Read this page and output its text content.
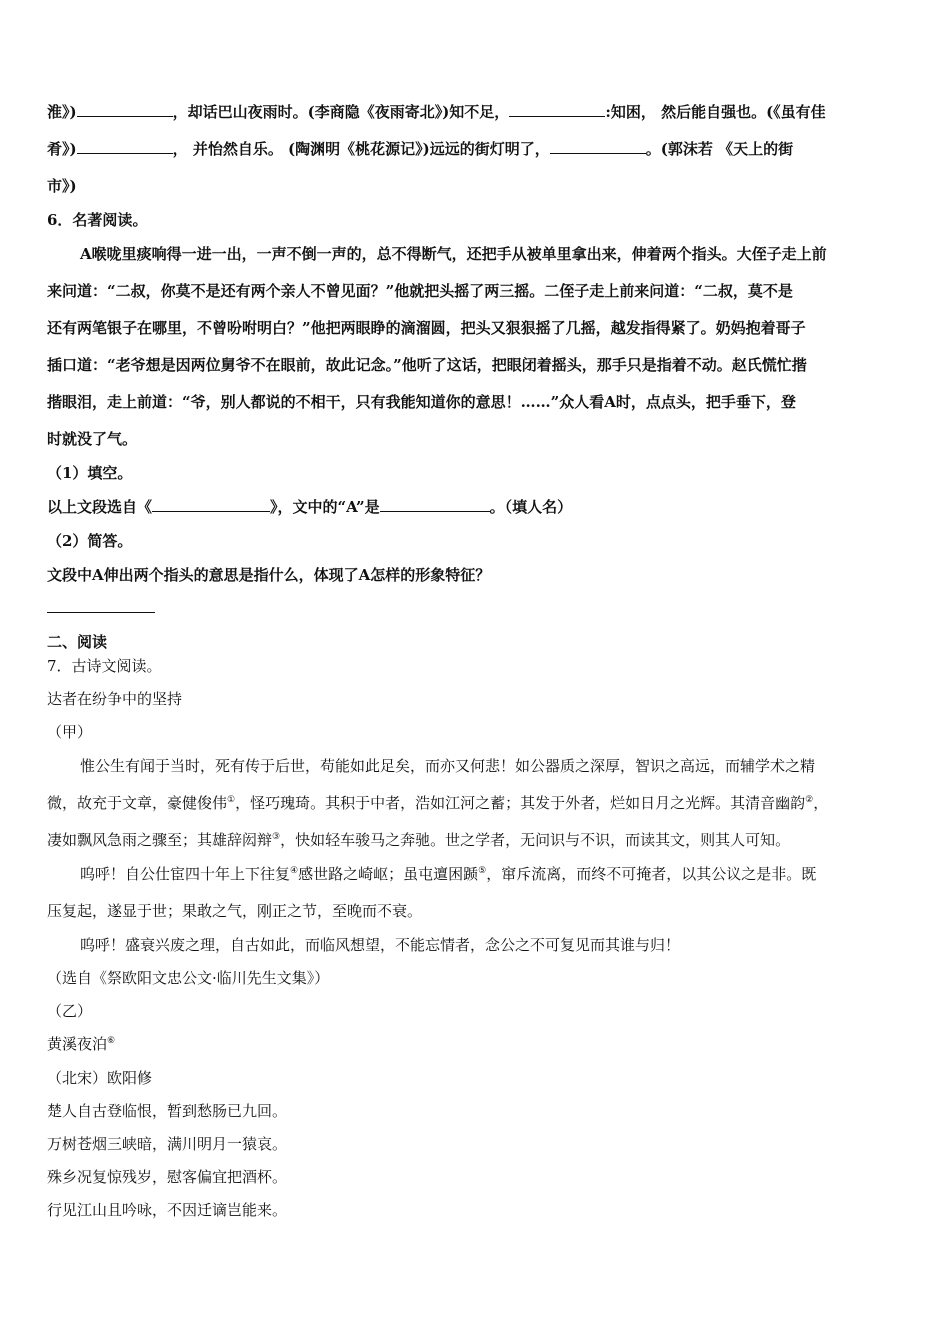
淮》)	，却话巴山夜雨时。(李商隐《夜雨寄北》)知不足，	:知困， 然后能自强也。(《虽有佳
肴》)	， 并怡然自乐。 (陶渊明《桃花源记》)远远的街灯明了，	。(郭沫若 《天上的街
市》)
6．名著阅读。
A喉咙里痰响得一进一出，一声不倒一声的，总不得断气，还把手从被单里拿出来，伸着两个指头。大侄子走上前
来问道：“二叔，你莫不是还有两个亲人不曾见面？”他就把头摇了两三摇。二侄子走上前来问道：“二叔，莫不是
还有两笔银子在哪里，不曾吩咐明白？”他把两眼睁的滴溜圆，把头又狠狠摇了几摇，越发指得紧了。奶妈抱着哥子
插口道：“老爷想是因两位舅爷不在眼前，故此记念。”他听了这话，把眼闭着摇头，那手只是指着不动。赵氏慌忙揩
揩眼泪，走上前道：“爷，别人都说的不相干，只有我能知道你的意思！……”众人看A时，点点头，把手垂下，登
时就没了气。
（1）填空。
以上文段选自《	》，文中的“A”是	。（填人名）
（2）简答。
文段中A伸出两个指头的意思是指什么，体现了A怎样的形象特征？
二、阅读
7．古诗文阅读。
达者在纷争中的坚持
（甲）
惟公生有闻于当时，死有传于后世，苟能如此足矣，而亦又何悲！如公器质之深厚，智识之高远，而辅学术之精
微，故充于文章，豪健俊伟①，怪巧瑰琦。其积于中者，浩如江河之蓄；其发于外者，烂如日月之光辉。其清音幽韵②，
凄如飘风急雨之骤至；其雄辞闳辩③，快如轻车骏马之奔驰。世之学者，无问识与不识，而读其文，则其人可知。
呜呼！自公仕宦四十年上下往复④感世路之崎岖；虽屯邅困踬⑤，窜斥流离，而终不可掩者，以其公议之是非。既
压复起，遂显于世；果敢之气，刚正之节，至晚而不衰。
呜呼！盛衰兴废之理，自古如此，而临风想望，不能忘情者，念公之不可复见而其谁与归！
（选自《祭欧阳文忠公文·临川先生文集》）
（乙）
黄溪夜泊⑥
（北宋）欧阳修
楚人自古登临恨，暂到愁肠已九回。
万树苍烟三峡暗，满川明月一猿哀。
殊乡况复惊残岁，慰客偏宜把酒杯。
行见江山且吟咏，不因迁谪岂能来。
